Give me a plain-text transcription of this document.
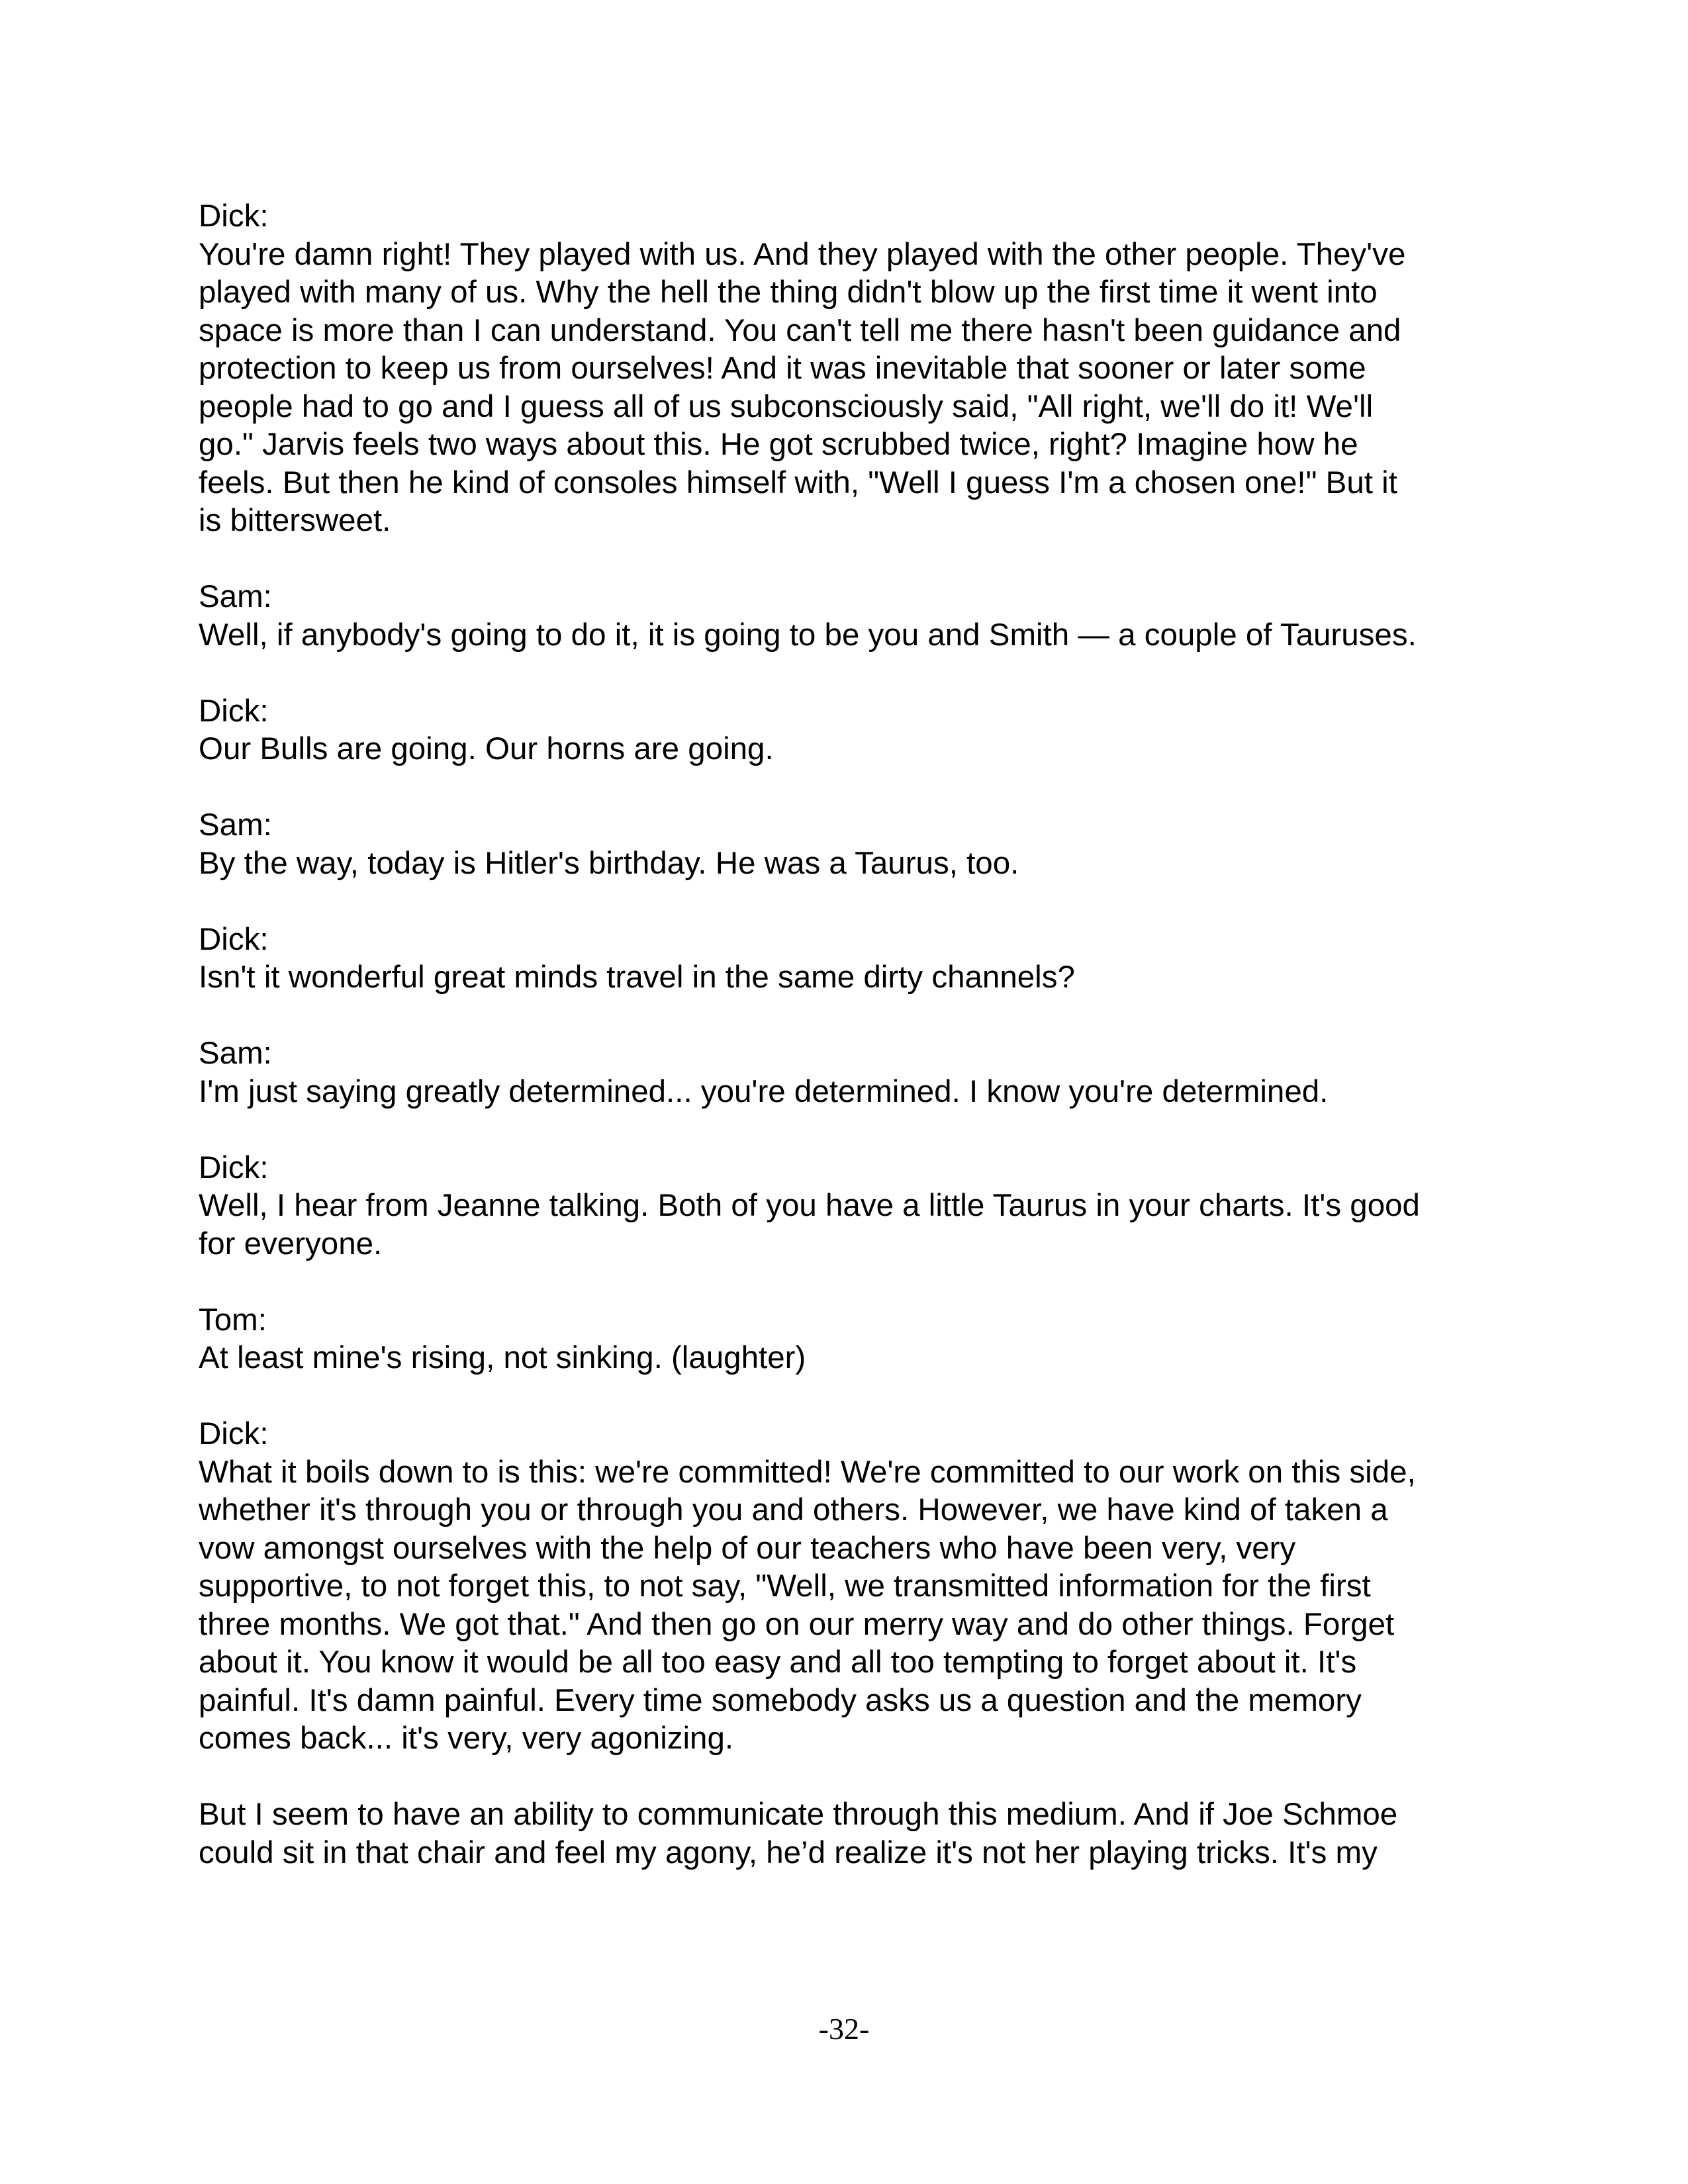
Dick:
You're damn right! They played with us. And they played with the other people. They've
played with many of us. Why the hell the thing didn't blow up the first time it went into
space is more than I can understand. You can't tell me there hasn't been guidance and
protection to keep us from ourselves! And it was inevitable that sooner or later some
people had to go and I guess all of us subconsciously said, "All right, we'll do it! We'll
go." Jarvis feels two ways about this. He got scrubbed twice, right? Imagine how he
feels. But then he kind of consoles himself with, "Well I guess I'm a chosen one!" But it
is bittersweet.
Sam:
Well, if anybody's going to do it, it is going to be you and Smith — a couple of Tauruses.
Dick:
Our Bulls are going. Our horns are going.
Sam:
By the way, today is Hitler's birthday. He was a Taurus, too.
Dick:
Isn't it wonderful great minds travel in the same dirty channels?
Sam:
I'm just saying greatly determined... you're determined. I know you're determined.
Dick:
Well, I hear from Jeanne talking. Both of you have a little Taurus in your charts. It's good
for everyone.
Tom:
At least mine's rising, not sinking. (laughter)
Dick:
What it boils down to is this: we're committed! We're committed to our work on this side,
whether it's through you or through you and others. However, we have kind of taken a
vow amongst ourselves with the help of our teachers who have been very, very
supportive, to not forget this, to not say, "Well, we transmitted information for the first
three months. We got that." And then go on our merry way and do other things. Forget
about it. You know it would be all too easy and all too tempting to forget about it. It's
painful. It's damn painful. Every time somebody asks us a question and the memory
comes back... it's very, very agonizing.
But I seem to have an ability to communicate through this medium. And if Joe Schmoe
could sit in that chair and feel my agony, he’d realize it's not her playing tricks. It's my
-32-
